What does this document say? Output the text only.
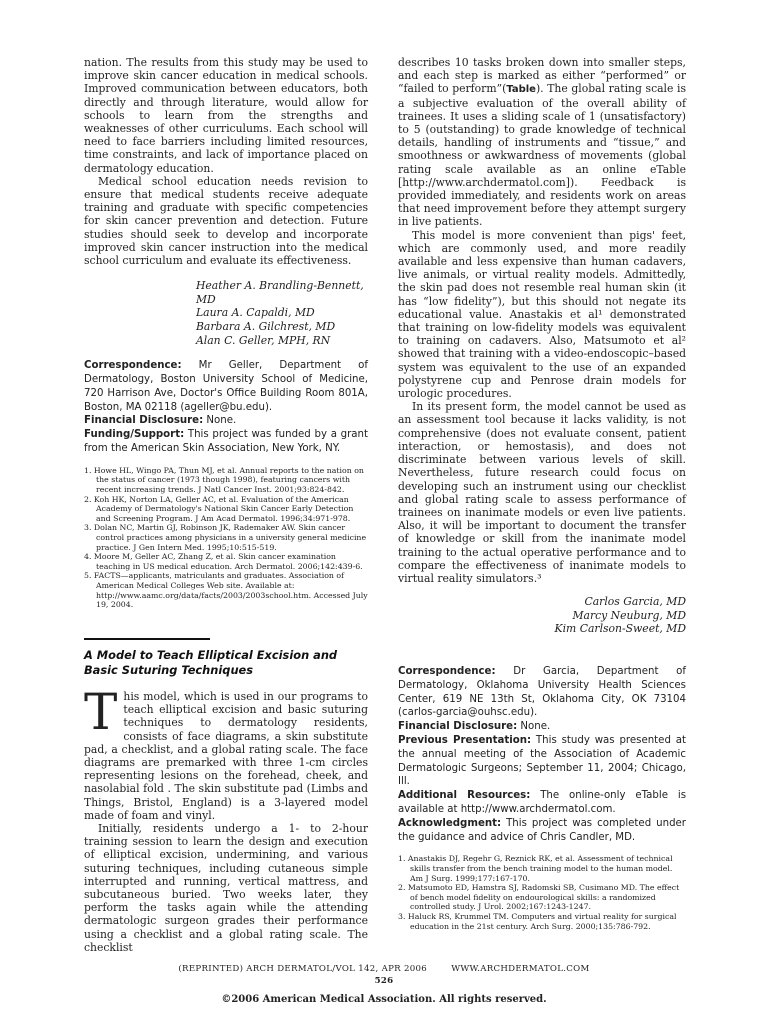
nation. The results from this study may be used to improve skin cancer education in medical schools. Improved communication between educators, both directly and through literature, would allow for schools to learn from the strengths and weaknesses of other curriculums. Each school will need to face barriers including limited resources, time constraints, and lack of importance placed on dermatology education.

Medical school education needs revision to ensure that medical students receive adequate training and graduate with specific competencies for skin cancer prevention and detection. Future studies should seek to develop and incorporate improved skin cancer instruction into the medical school curriculum and evaluate its effectiveness.

Heather A. Brandling-Bennett, MD
Laura A. Capaldi, MD
Barbara A. Gilchrest, MD
Alan C. Geller, MPH, RN

Correspondence: Mr Geller, Department of Dermatology, Boston University School of Medicine, 720 Harrison Ave, Doctor's Office Building Room 801A, Boston, MA 02118 (ageller@bu.edu).

Financial Disclosure: None.

Funding/Support: This project was funded by a grant from the American Skin Association, New York, NY.

1. Howe HL, Wingo PA, Thun MJ, et al. Annual reports to the nation on the status of cancer (1973 though 1998), featuring cancers with recent increasing trends. J Natl Cancer Inst. 2001;93:824-842.
2. Koh HK, Norton LA, Geller AC, et al. Evaluation of the American Academy of Dermatology's National Skin Cancer Early Detection and Screening Program. J Am Acad Dermatol. 1996;34:971-978.
3. Dolan NC, Martin GJ, Robinson JK, Rademaker AW. Skin cancer control practices among physicians in a university general medicine practice. J Gen Intern Med. 1995;10:515-519.
4. Moore M, Geller AC, Zhang Z, et al. Skin cancer examination teaching in US medical education. Arch Dermatol. 2006;142:439-6.
5. FACTS—applicants, matriculants and graduates. Association of American Medical Colleges Web site. Available at: http://www.aamc.org/data/facts/2003/2003school.htm. Accessed July 19, 2004.

describes 10 tasks broken down into smaller steps, and each step is marked as either “performed” or “failed to perform”(Table). The global rating scale is a subjective evaluation of the overall ability of trainees. It uses a sliding scale of 1 (unsatisfactory) to 5 (outstanding) to grade knowledge of technical details, handling of instruments and “tissue,” and smoothness or awkwardness of movements (global rating scale available as an online eTable [http://www.archdermatol.com]). Feedback is provided immediately, and residents work on areas that need improvement before they attempt surgery in live patients.

This model is more convenient than pigs' feet, which are commonly used, and more readily available and less expensive than human cadavers, live animals, or virtual reality models. Admittedly, the skin pad does not resemble real human skin (it has “low fidelity”), but this should not negate its educational value. Anastakis et al¹ demonstrated that training on low-fidelity models was equivalent to training on cadavers. Also, Matsumoto et al² showed that training with a video-endoscopic–based system was equivalent to the use of an expanded polystyrene cup and Penrose drain models for urologic procedures.

In its present form, the model cannot be used as an assessment tool because it lacks validity, is not comprehensive (does not evaluate consent, patient interaction, or hemostasis), and does not discriminate between various levels of skill. Nevertheless, future research could focus on developing such an instrument using our checklist and global rating scale to assess performance of trainees on inanimate models or even live patients. Also, it will be important to document the transfer of knowledge or skill from the inanimate model training to the actual operative performance and to compare the effectiveness of inanimate models to virtual reality simulators.³

Carlos Garcia, MD
Marcy Neuburg, MD
Kim Carlson-Sweet, MD
A Model to Teach Elliptical Excision and Basic Suturing Techniques

This model, which is used in our programs to teach elliptical excision and basic suturing techniques to dermatology residents, consists of face diagrams, a skin substitute pad, a checklist, and a global rating scale. The face diagrams are premarked with three 1-cm circles representing lesions on the forehead, cheek, and nasolabial fold . The skin substitute pad (Limbs and Things, Bristol, England) is a 3-layered model made of foam and vinyl.

Initially, residents undergo a 1- to 2-hour training session to learn the design and execution of elliptical excision, undermining, and various suturing techniques, including cutaneous simple interrupted and running, vertical mattress, and subcutaneous buried. Two weeks later, they perform the tasks again while the attending dermatologic surgeon grades their performance using a checklist and a global rating scale. The checklist

Correspondence: Dr Garcia, Department of Dermatology, Oklahoma University Health Sciences Center, 619 NE 13th St, Oklahoma City, OK 73104 (carlos-garcia@ouhsc.edu).

Financial Disclosure: None.

Previous Presentation: This study was presented at the annual meeting of the Association of Academic Dermatologic Surgeons; September 11, 2004; Chicago, Ill.

Additional Resources: The online-only eTable is available at http://www.archdermatol.com.

Acknowledgment: This project was completed under the guidance and advice of Chris Candler, MD.

1. Anastakis DJ, Regehr G, Reznick RK, et al. Assessment of technical skills transfer from the bench training model to the human model. Am J Surg. 1999;177:167-170.
2. Matsumoto ED, Hamstra SJ, Radomski SB, Cusimano MD. The effect of bench model fidelity on endourological skills: a randomized controlled study. J Urol. 2002;167:1243-1247.
3. Haluck RS, Krummel TM. Computers and virtual reality for surgical education in the 21st century. Arch Surg. 2000;135:786-792.
(REPRINTED) ARCH DERMATOL/VOL 142, APR 2006        WWW.ARCHDERMATOL.COM
526
©2006 American Medical Association. All rights reserved.
